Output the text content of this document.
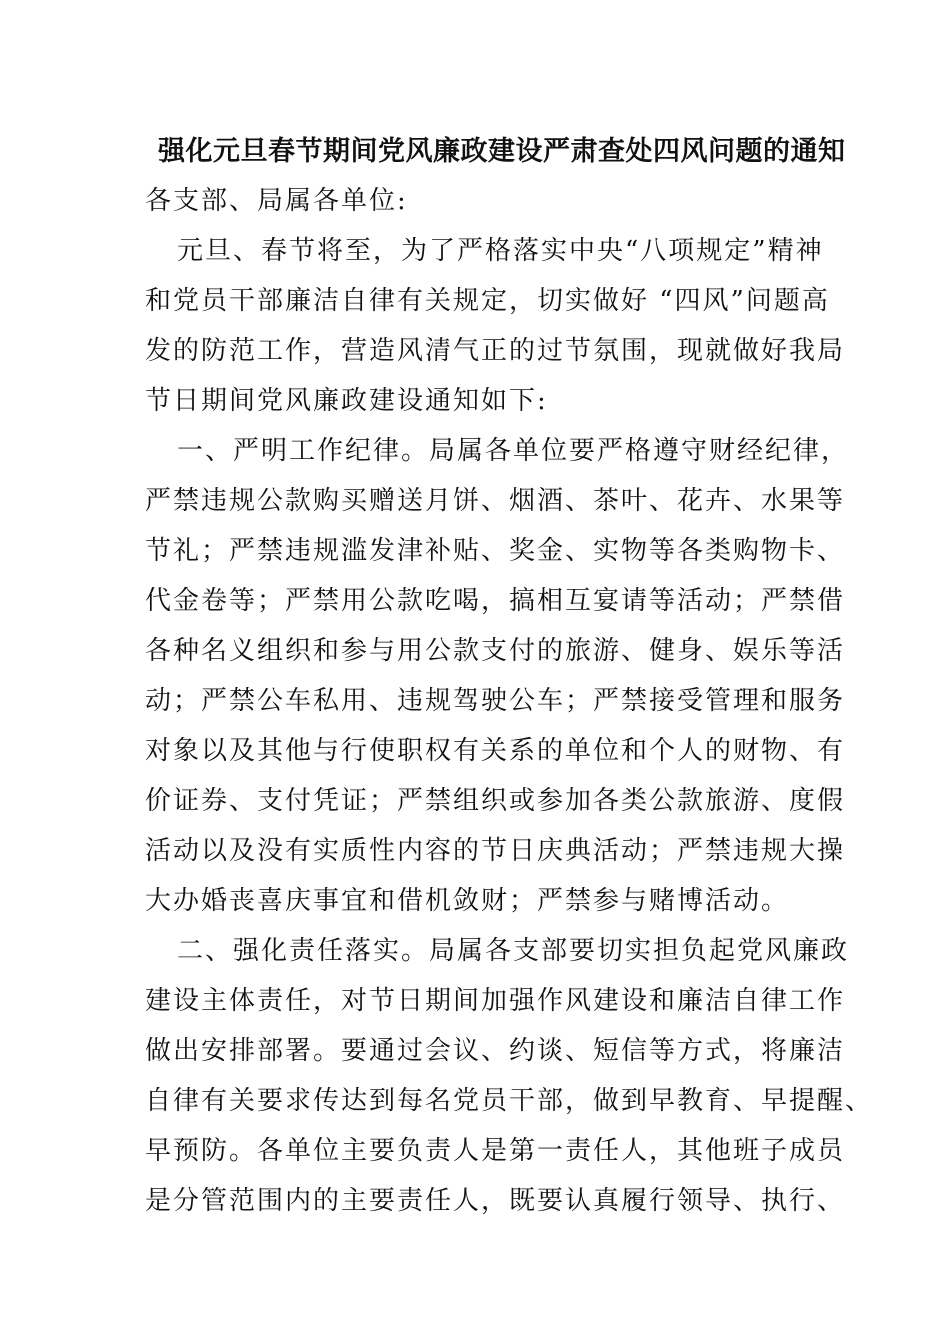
强化元旦春节期间党风廉政建设严肃查处四风问题的通知
各支部、局属各单位:
元旦、春节将至，为了严格落实中央“八项规定”精神
和党员干部廉洁自律有关规定，切实做好 “四风”问题高
发的防范工作，营造风清气正的过节氛围，现就做好我局
节日期间党风廉政建设通知如下:
一、严明工作纪律。局属各单位要严格遵守财经纪律，
严禁违规公款购买赠送月饼、烟酒、茶叶、花卉、水果等
节礼；严禁违规滥发津补贴、奖金、实物等各类购物卡、
代金卷等；严禁用公款吃喝，搞相互宴请等活动；严禁借
各种名义组织和参与用公款支付的旅游、健身、娱乐等活
动；严禁公车私用、违规驾驶公车；严禁接受管理和服务
对象以及其他与行使职权有关系的单位和个人的财物、有
价证券、支付凭证；严禁组织或参加各类公款旅游、度假
活动以及没有实质性内容的节日庆典活动；严禁违规大操
大办婚丧喜庆事宜和借机敛财；严禁参与赌博活动。
二、强化责任落实。局属各支部要切实担负起党风廉政
建设主体责任，对节日期间加强作风建设和廉洁自律工作
做出安排部署。要通过会议、约谈、短信等方式，将廉洁
自律有关要求传达到每名党员干部，做到早教育、早提醒、
早预防。各单位主要负责人是第一责任人，其他班子成员
是分管范围内的主要责任人，既要认真履行领导、执行、
